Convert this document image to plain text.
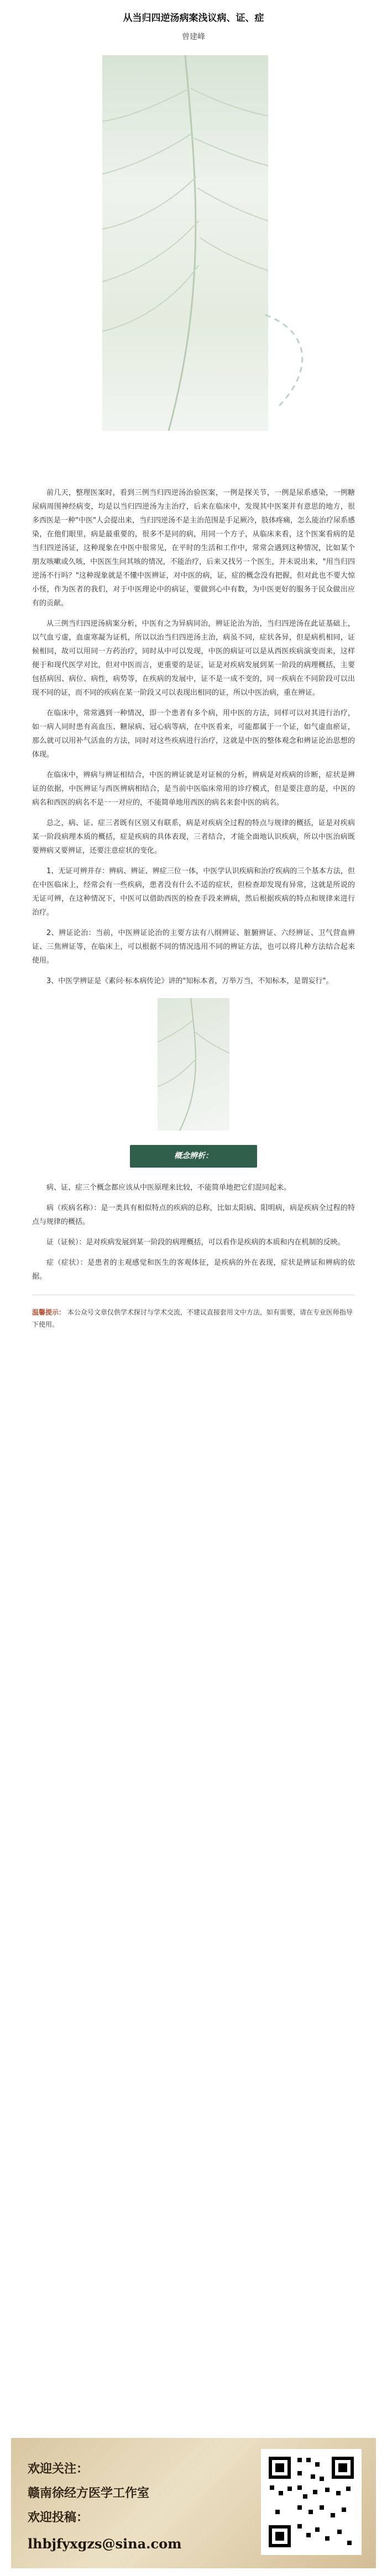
从当归四逆汤病案浅议病、证、症
曾建峰

前几天，整理医案时，看到三例当归四逆汤治验医案，一例是探关节，一例是尿系感染，一例糖尿病周围神经病变，均是以当归四逆汤为主治疗，后来在临床中，发现其中医案并有意思的地方，很多西医是一种"中医"人会提出来，当归四逆汤不是主治范围是手足厥冷，肢体疼痛，怎么能治疗尿系感染，在他们眼里，病是最重要的，很多不是同的病，用同一个方子，从临床来看，这个医案看病的是当归四逆汤证，这种现象在中医中很常见，在平时的生活和工作中，常常会遇到这种情况，比如某个朋友咳嗽或久咳，中医医生问其咳的情况，不能治疗，后来又找另一个医生，并未说出来，"用当归四逆汤不行吗？"这种现象就是不懂中医辨证，对中医的病，证，症的概念没有把握，但对此也不要大惊小怪，作为医者的我们，对于中医理论中的病证，要做到心中有数，为中医更好的服务于民众做出应有的贡献。

从三例当归四逆汤病案分析，中医有之为异病同治，辨证论治为治，当归四逆汤在此证基础上，以气血亏虚，血虚寒凝为证机，所以以治当归四逆汤主治，病虽不同，症状各异，但是病机相同，证候相同，故可以用同一方药治疗，同时从中可以发现，中医的病证可以是从西医疾病演变而来，这样便于和现代医学对比，但对中医而言，更重要的是证，证是对疾病发展到某一阶段的病理概括，主要包括病因、病位、病性，病势等，在疾病的发展中，证不是一成不变的，同一疾病在不同阶段可以出现不同的证，而不同的疾病在某一阶段又可以表现出相同的证，所以中医治病，重在辨证。

在临床中，常常遇到一种情况，即一个患者有多个病，用中医的方法，同样可以对其进行治疗，如一病人同时患有高血压、糖尿病、冠心病等病，在中医看来，可能都属于一个证，如气虚血瘀证，那么就可以用补气活血的方法，同时对这些疾病进行治疗，这就是中医的整体观念和辨证论治思想的体现。

在临床中，辨病与辨证相结合，中医的辨证就是对证候的分析，辨病是对疾病的诊断，症状是辨证的依据，中医辨证与西医辨病相结合，是当前中医临床常用的诊疗模式，但是要注意的是，中医的病名和西医的病名不是一一对应的，不能简单地用西医的病名来套中医的病名。

总之，病、证、症三者既有区别又有联系，病是对疾病全过程的特点与规律的概括，证是对疾病某一阶段病理本质的概括，症是疾病的具体表现，三者结合，才能全面地认识疾病，所以中医治病既要辨病又要辨证，还要注意症状的变化。

1、无证可辨并存：辨病、辨证、辨症三位一体，中医学认识疾病和治疗疾病的三个基本方法，但在中医临床上，经常会有一些疾病，患者没有什么不适的症状，但检查却发现有异常，这就是所说的无证可辨，在这种情况下，中医可以借助西医的检查手段来辨病，然后根据疾病的特点和规律来进行治疗。

2、辨证论治：当前，中医辨证论治的主要方法有八纲辨证、脏腑辨证、六经辨证、卫气营血辨证、三焦辨证等，在临床上，可以根据不同的情况选用不同的辨证方法，也可以将几种方法结合起来使用。

3、中医学辨证是《素问·标本病传论》讲的"知标本者，万举万当，不知标本，是谓妄行"。

概念辨析：

病、证、症三个概念都应该从中医原理来比较，不能简单地把它们混同起来。

病（疾病名称）：是一类具有相似特点的疾病的总称，比如太阳病、阳明病，病是疾病全过程的特点与规律的概括。

证（证候）：是对疾病发展到某一阶段的病理概括，可以看作是疾病的本质和内在机制的反映。

症（症状）：是患者的主观感觉和医生的客观体征，是疾病的外在表现，症状是辨证和辨病的依据。

温馨提示： 本公众号文章仅供学术探讨与学术交流，不建议直接套用文中方法，如有需要，请在专业医师指导下使用。
欢迎关注：
赣南徐经方医学工作室
欢迎投稿：
lhbjfyxgzs@sina.com
